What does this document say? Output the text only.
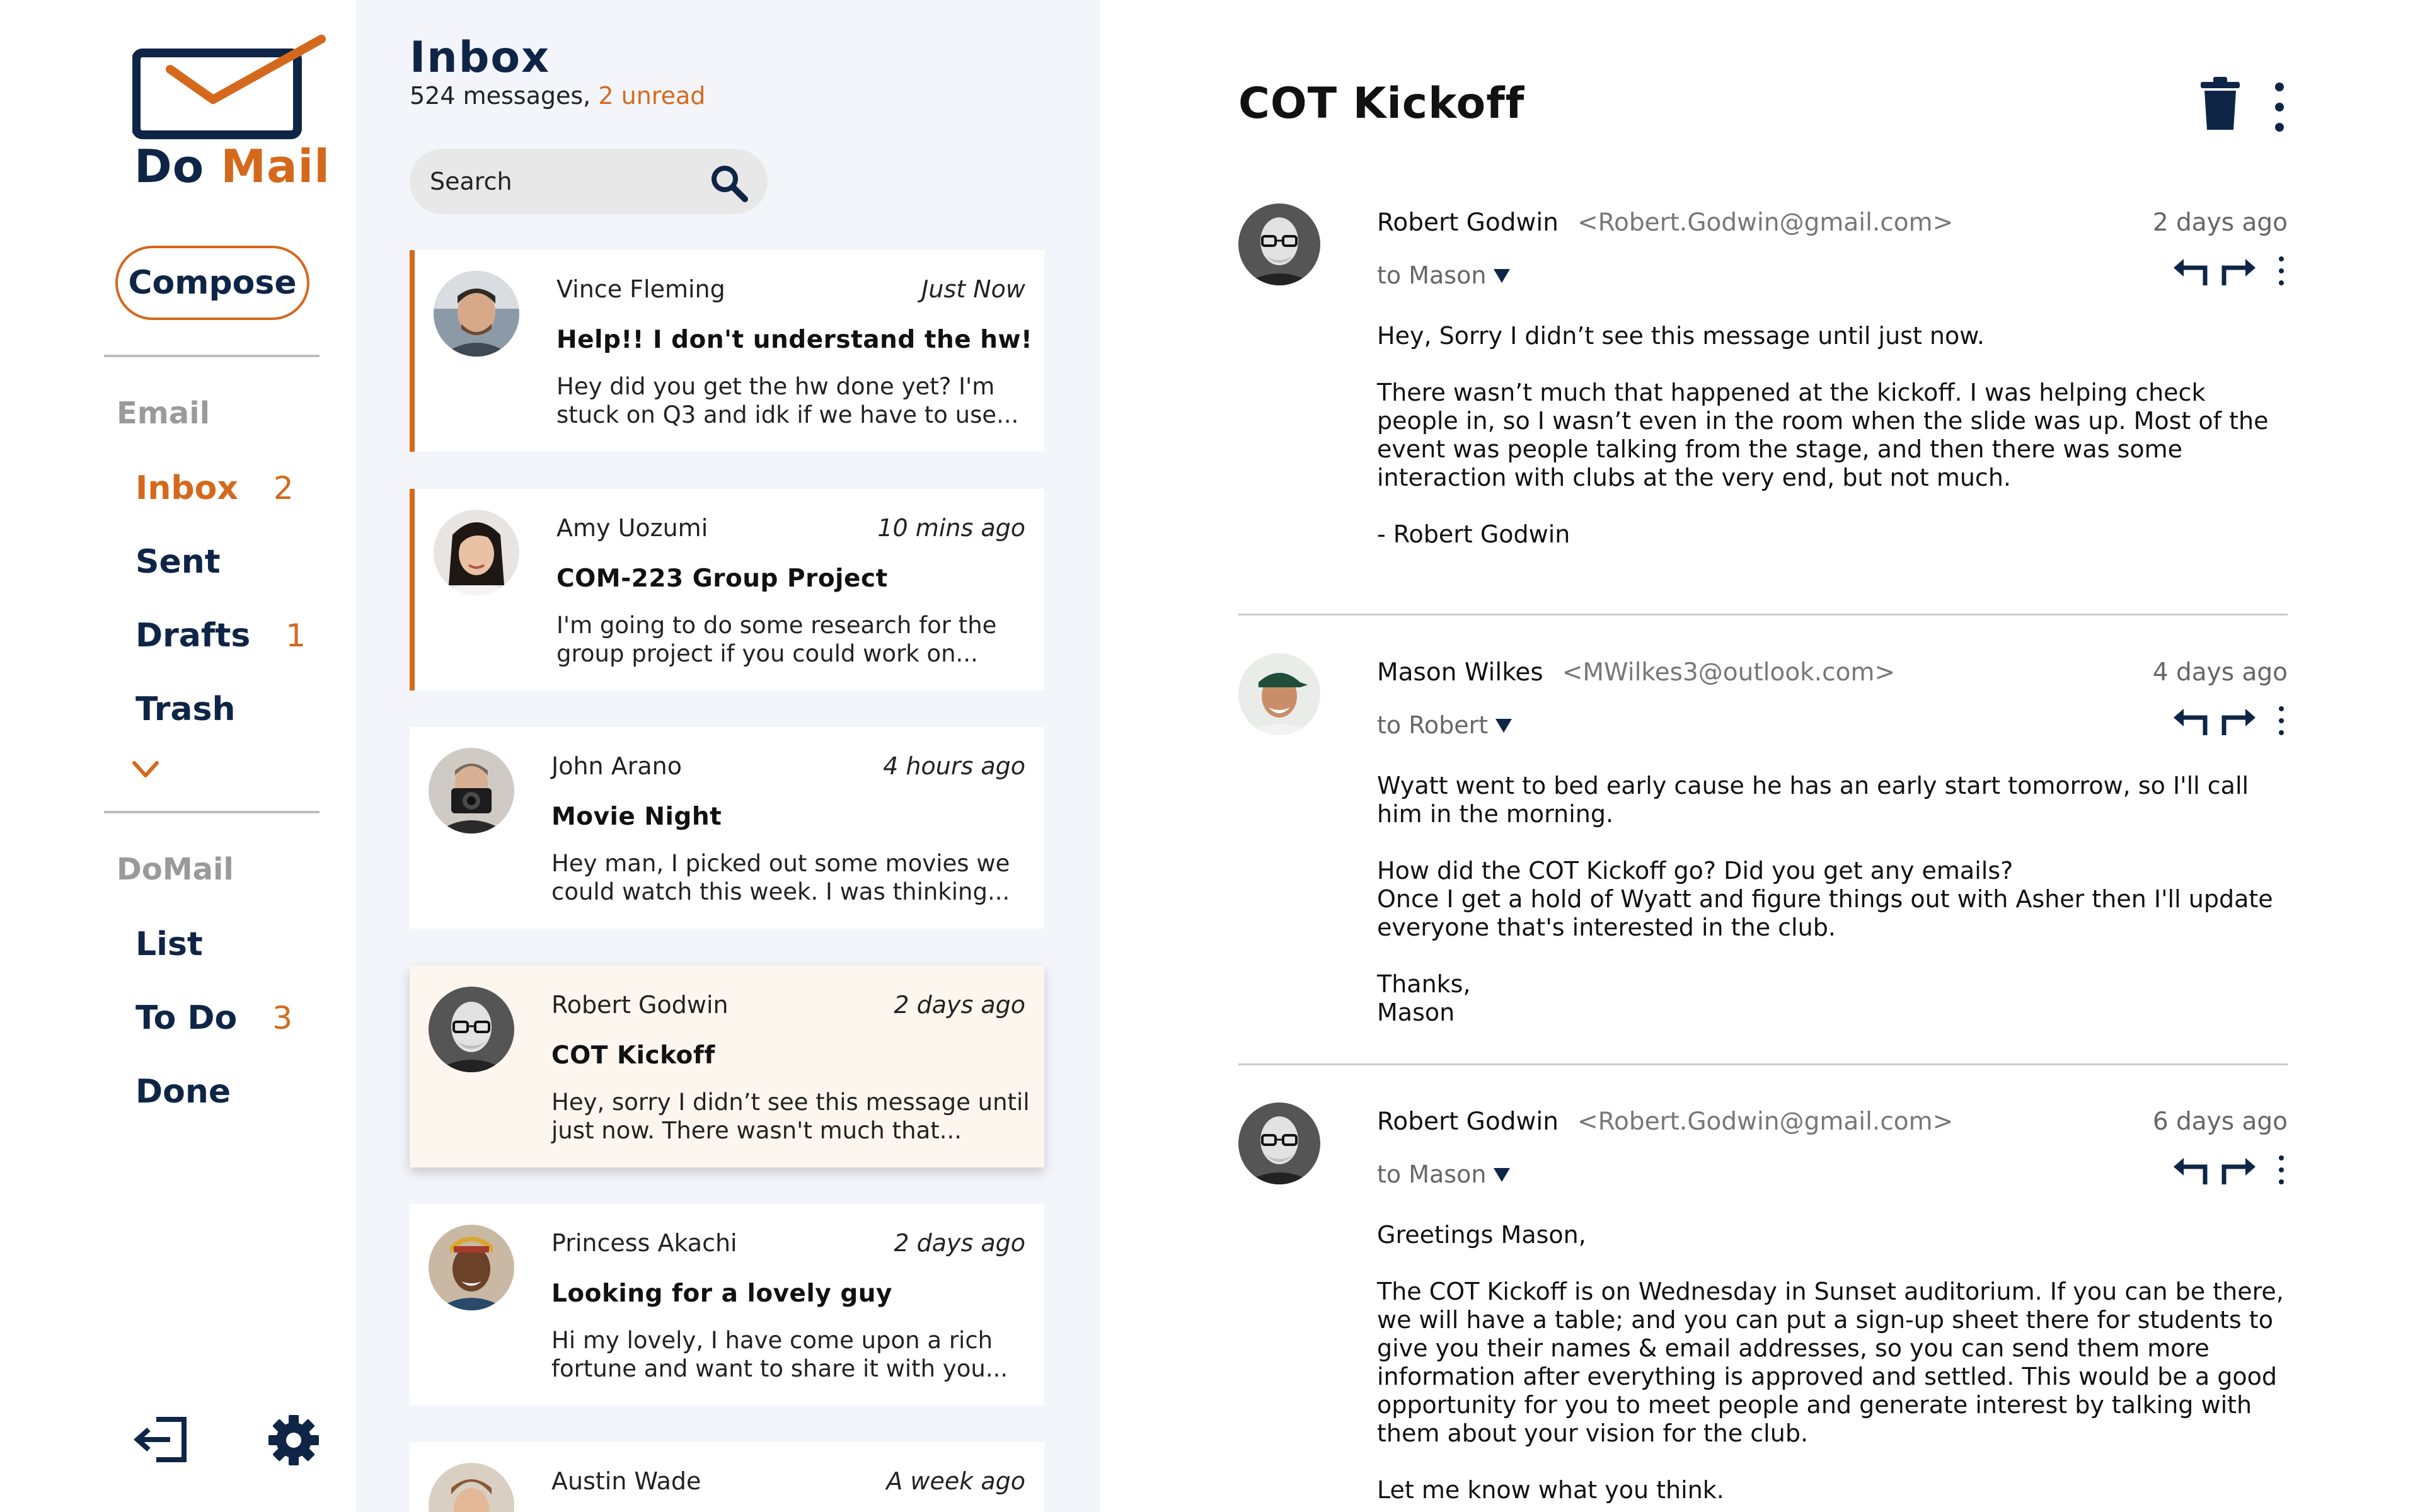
Do Mail
Compose
Email
Inbox 2
Sent
Drafts 1
Trash
DoMail
List
To Do 3
Done
Inbox
524 messages, 2 unread
Search
Vince Fleming	Just Now
Help!! I don't understand the hw!
Hey did you get the hw done yet? I'm stuck on Q3 and idk if we have to use...
Amy Uozumi	10 mins ago
COM-223 Group Project
I'm going to do some research for the group project if you could work on...
John Arano	4 hours ago
Movie Night
Hey man, I picked out some movies we could watch this week. I was thinking...
Robert Godwin	2 days ago
COT Kickoff
Hey, sorry I didn’t see this message until just now. There wasn't much that...
Princess Akachi	2 days ago
Looking for a lovely guy
Hi my lovely, I have come upon a rich fortune and want to share it with you...
Austin Wade	A week ago
COT Kickoff
Robert Godwin <Robert.Godwin@gmail.com>	2 days ago
to Mason

Hey, Sorry I didn’t see this message until just now.

There wasn’t much that happened at the kickoff. I was helping check people in, so I wasn’t even in the room when the slide was up. Most of the event was people talking from the stage, and then there was some interaction with clubs at the very end, but not much.

- Robert Godwin

Mason Wilkes <MWilkes3@outlook.com>	4 days ago
to Robert

Wyatt went to bed early cause he has an early start tomorrow, so I'll call him in the morning.

How did the COT Kickoff go? Did you get any emails?
Once I get a hold of Wyatt and figure things out with Asher then I'll update everyone that's interested in the club.

Thanks,
Mason

Robert Godwin <Robert.Godwin@gmail.com>	6 days ago
to Mason

Greetings Mason,

The COT Kickoff is on Wednesday in Sunset auditorium. If you can be there, we will have a table; and you can put a sign-up sheet there for students to give you their names & email addresses, so you can send them more information after everything is approved and settled. This would be a good opportunity for you to meet people and generate interest by talking with them about your vision for the club.

Let me know what you think.
